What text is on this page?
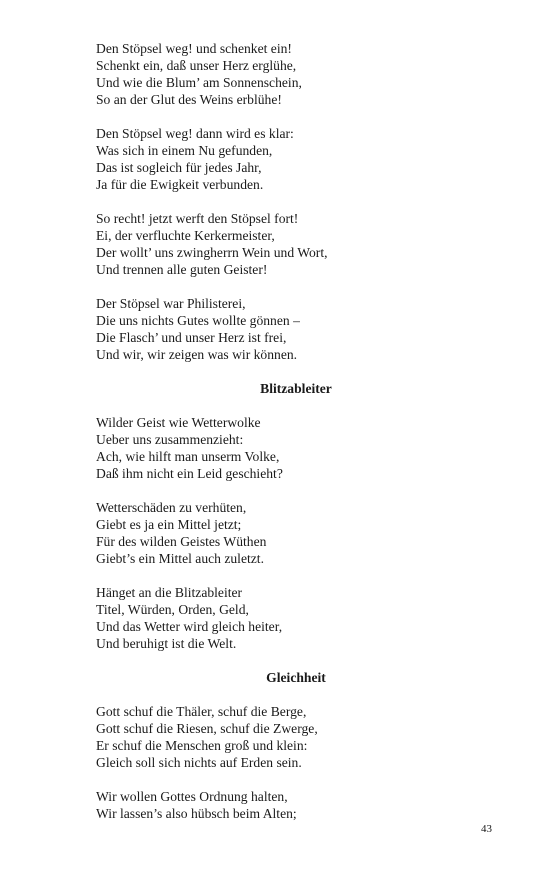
Den Stöpsel weg! und schenket ein!
Schenkt ein, daß unser Herz erglühe,
Und wie die Blum’ am Sonnenschein,
So an der Glut des Weins erblühe!
Den Stöpsel weg! dann wird es klar:
Was sich in einem Nu gefunden,
Das ist sogleich für jedes Jahr,
Ja für die Ewigkeit verbunden.
So recht! jetzt werft den Stöpsel fort!
Ei, der verfluchte Kerkermeister,
Der wollt’ uns zwingherrn Wein und Wort,
Und trennen alle guten Geister!
Der Stöpsel war Philisterei,
Die uns nichts Gutes wollte gönnen –
Die Flasch’ und unser Herz ist frei,
Und wir, wir zeigen was wir können.
Blitzableiter
Wilder Geist wie Wetterwolke
Ueber uns zusammenzieht:
Ach, wie hilft man unserm Volke,
Daß ihm nicht ein Leid geschieht?
Wetterschäden zu verhüten,
Giebt es ja ein Mittel jetzt;
Für des wilden Geistes Wüthen
Giebt’s ein Mittel auch zuletzt.
Hänget an die Blitzableiter
Titel, Würden, Orden, Geld,
Und das Wetter wird gleich heiter,
Und beruhigt ist die Welt.
Gleichheit
Gott schuf die Thäler, schuf die Berge,
Gott schuf die Riesen, schuf die Zwerge,
Er schuf die Menschen groß und klein:
Gleich soll sich nichts auf Erden sein.
Wir wollen Gottes Ordnung halten,
Wir lassen’s also hübsch beim Alten;
43
